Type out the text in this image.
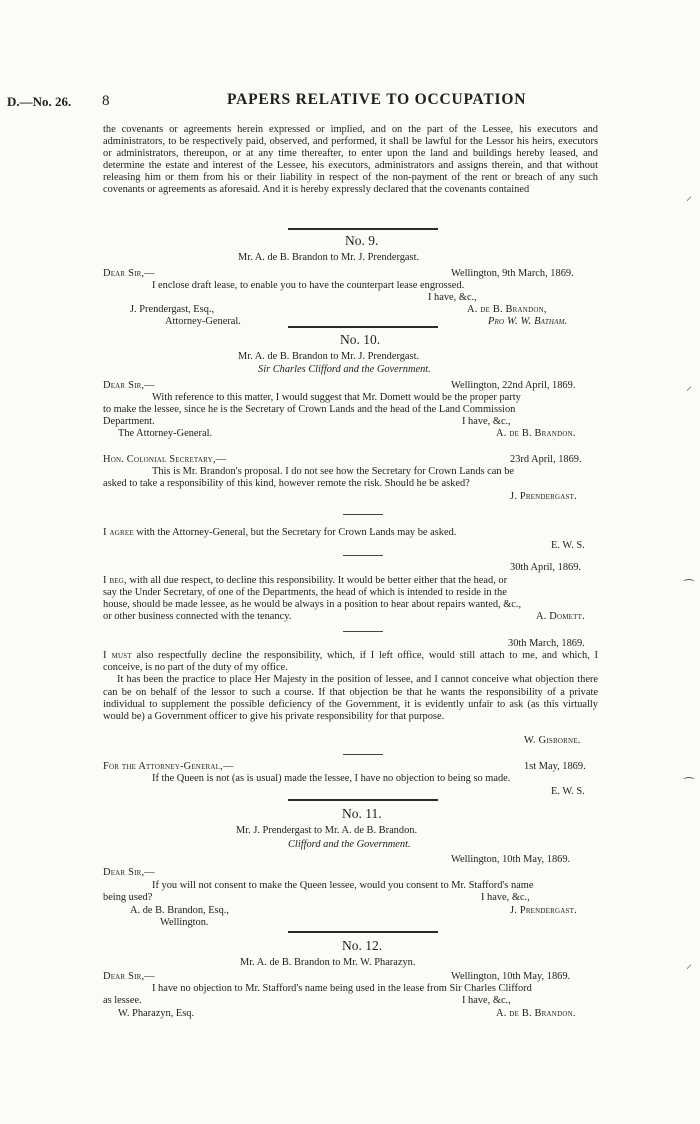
D.—No. 26. 8	PAPERS RELATIVE TO OCCUPATION

the covenants or agreements herein expressed or implied, and on the part of the Lessee, his executors and administrators, to be respectively paid, observed, and performed, it shall be lawful for the Lessor his heirs, executors or administrators, thereupon, or at any time thereafter, to enter upon the land and buildings hereby leased, and determine the estate and interest of the Lessee, his executors, administrators and assigns therein, and that without releasing him or them from his or their liability in respect of the non-payment of the rent or breach of any such covenants or agreements as aforesaid. And it is hereby expressly declared that the covenants contained

No. 9.
Mr. A. de B. Brandon to Mr. J. Prendergast.
Dear Sir,—	Wellington, 9th March, 1869.
I enclose draft lease, to enable you to have the counterpart lease engrossed.
I have, &c.,
J. Prendergast, Esq.,	A. de B. Brandon,
Attorney-General.	Pro W. W. Batham.
No. 10.
Mr. A. de B. Brandon to Mr. J. Prendergast.
Sir Charles Clifford and the Government.
Dear Sir,—	Wellington, 22nd April, 1869.
With reference to this matter, I would suggest that Mr. Domett would be the proper party
to make the lessee, since he is the Secretary of Crown Lands and the head of the Land Commission
Department.	I have, &c.,
The Attorney-General.	A. de B. Brandon.
Hon. Colonial Secretary,—	23rd April, 1869.
This is Mr. Brandon's proposal. I do not see how the Secretary for Crown Lands can be
asked to take a responsibility of this kind, however remote the risk. Should he be asked?
J. Prendergast.
I agree with the Attorney-General, but the Secretary for Crown Lands may be asked.
E. W. S.
30th April, 1869.
I beg, with all due respect, to decline this responsibility. It would be better either that the head, or
say the Under Secretary, of one of the Departments, the head of which is intended to reside in the
house, should be made lessee, as he would be always in a position to hear about repairs wanted, &c.,
or other business connected with the tenancy.	A. Domett.
30th March, 1869.

I must also respectfully decline the responsibility, which, if I left office, would still attach to me, and which, I conceive, is no part of the duty of my office.

It has been the practice to place Her Majesty in the position of lessee, and I cannot conceive what objection there can be on behalf of the lessor to such a course. If that objection be that he wants the responsibility of a private individual to supplement the possible deficiency of the Government, it is evidently unfair to ask (as this virtually would be) a Government officer to give his private responsibility for that purpose.

W. Gisborne.
For the Attorney-General,—	1st May, 1869.
If the Queen is not (as is usual) made the lessee, I have no objection to being so made.
E. W. S.
No. 11.
Mr. J. Prendergast to Mr. A. de B. Brandon.
Clifford and the Government.
Wellington, 10th May, 1869.
Dear Sir,—
If you will not consent to make the Queen lessee, would you consent to Mr. Stafford's name
being used?	I have, &c.,
A. de B. Brandon, Esq.,	J. Prendergast.
Wellington.
No. 12.
Mr. A. de B. Brandon to Mr. W. Pharazyn.
Dear Sir,—	Wellington, 10th May, 1869.
I have no objection to Mr. Stafford's name being used in the lease from Sir Charles Clifford
as lessee.	I have, &c.,
W. Pharazyn, Esq.	A. de B. Brandon.
⸝
⸝
⁔
⁔
⸝
